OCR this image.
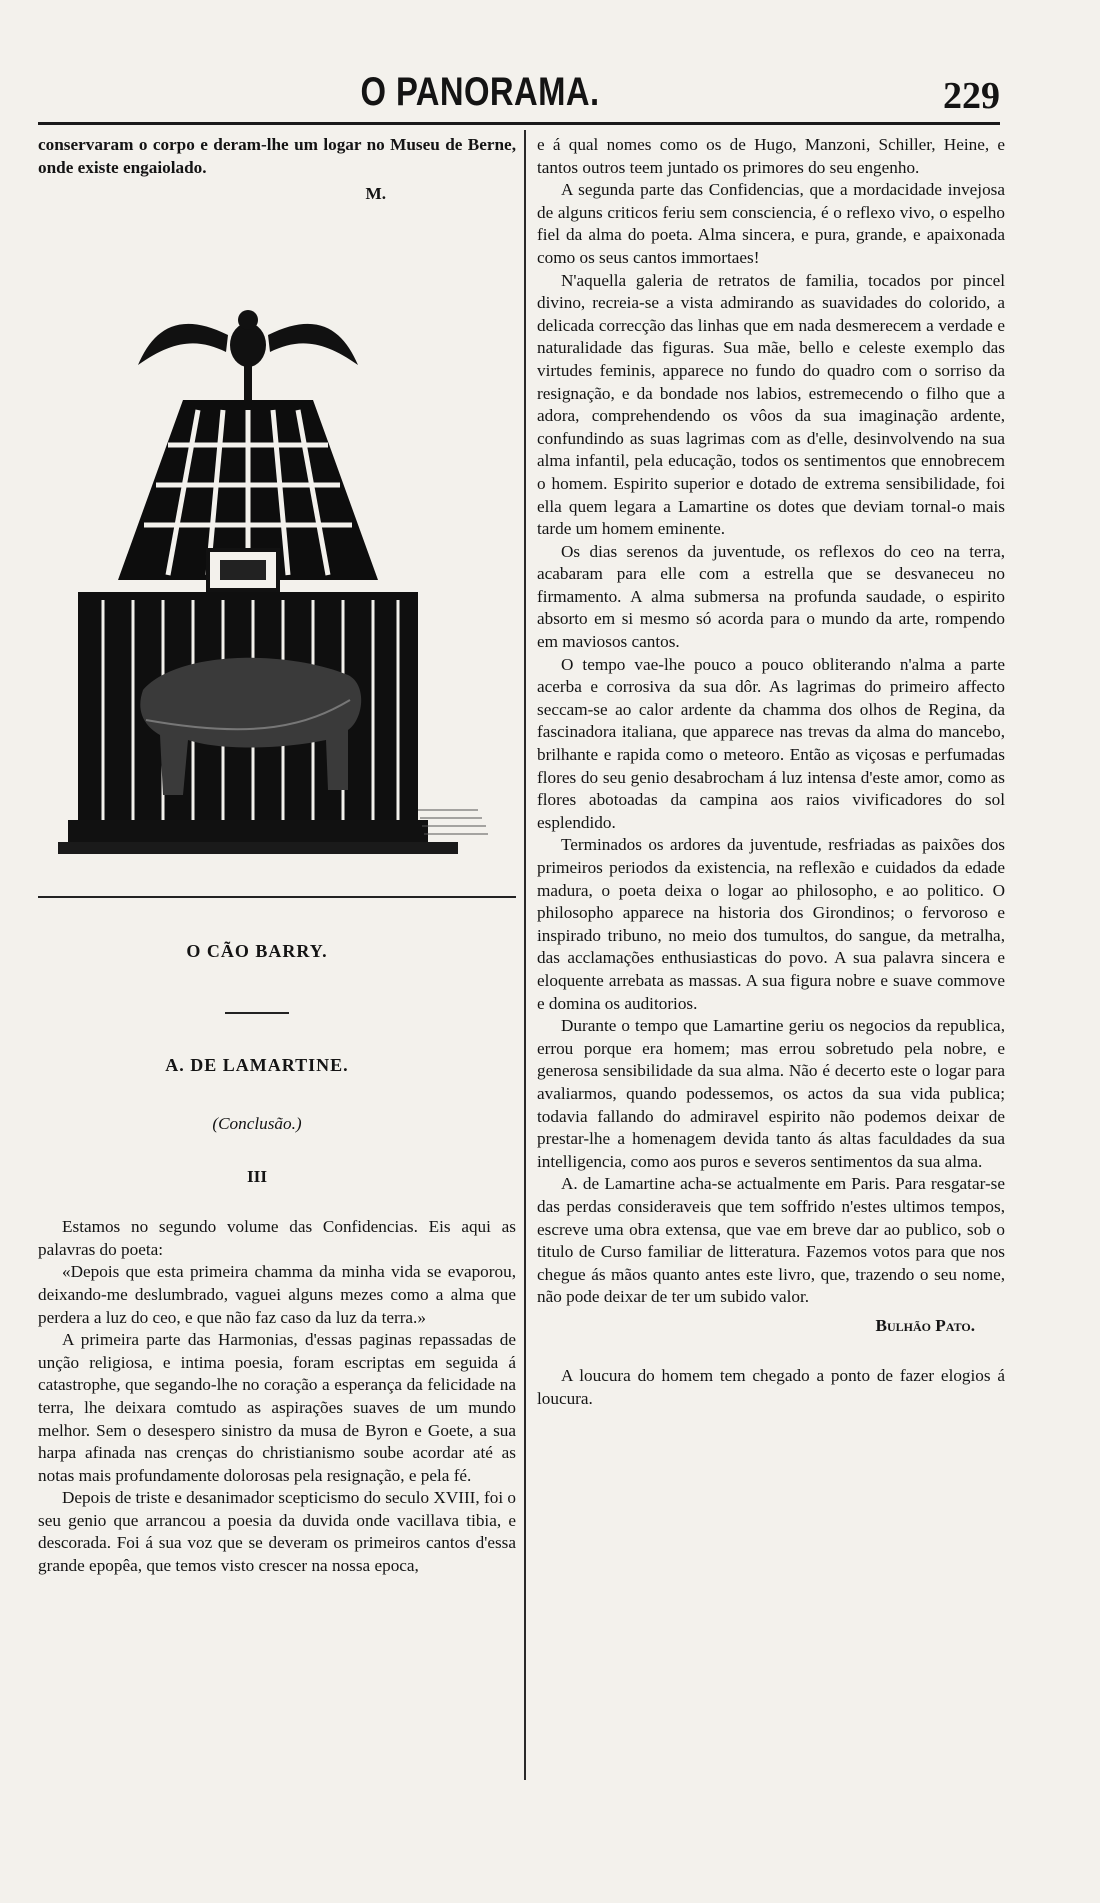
O PANORAMA.	229

conservaram o corpo e deram-lhe um logar no Museu de Berne, onde existe engaiolado.

M.

O CÃO BARRY.
A. DE LAMARTINE.
(Conclusão.)
III

Estamos no segundo volume das Confidencias. Eis aqui as palavras do poeta:

«Depois que esta primeira chamma da minha vida se evaporou, deixando-me deslumbrado, vaguei alguns mezes como a alma que perdera a luz do ceo, e que não faz caso da luz da terra.»

A primeira parte das Harmonias, d'essas paginas repassadas de unção religiosa, e intima poesia, foram escriptas em seguida á catastrophe, que segando-lhe no coração a esperança da felicidade na terra, lhe deixara comtudo as aspirações suaves de um mundo melhor. Sem o desespero sinistro da musa de Byron e Goete, a sua harpa afinada nas crenças do christianismo soube acordar até as notas mais profundamente dolorosas pela resignação, e pela fé.

Depois de triste e desanimador scepticismo do seculo XVIII, foi o seu genio que arrancou a poesia da duvida onde vacillava tibia, e descorada. Foi á sua voz que se deveram os primeiros cantos d'essa grande epopêa, que temos visto crescer na nossa epoca,

e á qual nomes como os de Hugo, Manzoni, Schiller, Heine, e tantos outros teem juntado os primores do seu engenho.

A segunda parte das Confidencias, que a mordacidade invejosa de alguns criticos feriu sem consciencia, é o reflexo vivo, o espelho fiel da alma do poeta. Alma sincera, e pura, grande, e apaixonada como os seus cantos immortaes!

N'aquella galeria de retratos de familia, tocados por pincel divino, recreia-se a vista admirando as suavidades do colorido, a delicada correcção das linhas que em nada desmerecem a verdade e naturalidade das figuras. Sua mãe, bello e celeste exemplo das virtudes feminis, apparece no fundo do quadro com o sorriso da resignação, e da bondade nos labios, estremecendo o filho que a adora, comprehendendo os vôos da sua imaginação ardente, confundindo as suas lagrimas com as d'elle, desinvolvendo na sua alma infantil, pela educação, todos os sentimentos que ennobrecem o homem. Espirito superior e dotado de extrema sensibilidade, foi ella quem legara a Lamartine os dotes que deviam tornal-o mais tarde um homem eminente.

Os dias serenos da juventude, os reflexos do ceo na terra, acabaram para elle com a estrella que se desvaneceu no firmamento. A alma submersa na profunda saudade, o espirito absorto em si mesmo só acorda para o mundo da arte, rompendo em maviosos cantos.

O tempo vae-lhe pouco a pouco obliterando n'alma a parte acerba e corrosiva da sua dôr. As lagrimas do primeiro affecto seccam-se ao calor ardente da chamma dos olhos de Regina, da fascinadora italiana, que apparece nas trevas da alma do mancebo, brilhante e rapida como o meteoro. Então as viçosas e perfumadas flores do seu genio desabrocham á luz intensa d'este amor, como as flores abotoadas da campina aos raios vivificadores do sol esplendido.

Terminados os ardores da juventude, resfriadas as paixões dos primeiros periodos da existencia, na reflexão e cuidados da edade madura, o poeta deixa o logar ao philosopho, e ao politico. O philosopho apparece na historia dos Girondinos; o fervoroso e inspirado tribuno, no meio dos tumultos, do sangue, da metralha, das acclamações enthusiasticas do povo. A sua palavra sincera e eloquente arrebata as massas. A sua figura nobre e suave commove e domina os auditorios.

Durante o tempo que Lamartine geriu os negocios da republica, errou porque era homem; mas errou sobretudo pela nobre, e generosa sensibilidade da sua alma. Não é decerto este o logar para avaliarmos, quando podessemos, os actos da sua vida publica; todavia fallando do admiravel espirito não podemos deixar de prestar-lhe a homenagem devida tanto ás altas faculdades da sua intelligencia, como aos puros e severos sentimentos da sua alma.

A. de Lamartine acha-se actualmente em Paris. Para resgatar-se das perdas consideraveis que tem soffrido n'estes ultimos tempos, escreve uma obra extensa, que vae em breve dar ao publico, sob o titulo de Curso familiar de litteratura. Fazemos votos para que nos chegue ás mãos quanto antes este livro, que, trazendo o seu nome, não pode deixar de ter um subido valor.

Bulhão Pato.

A loucura do homem tem chegado a ponto de fazer elogios á loucura.
